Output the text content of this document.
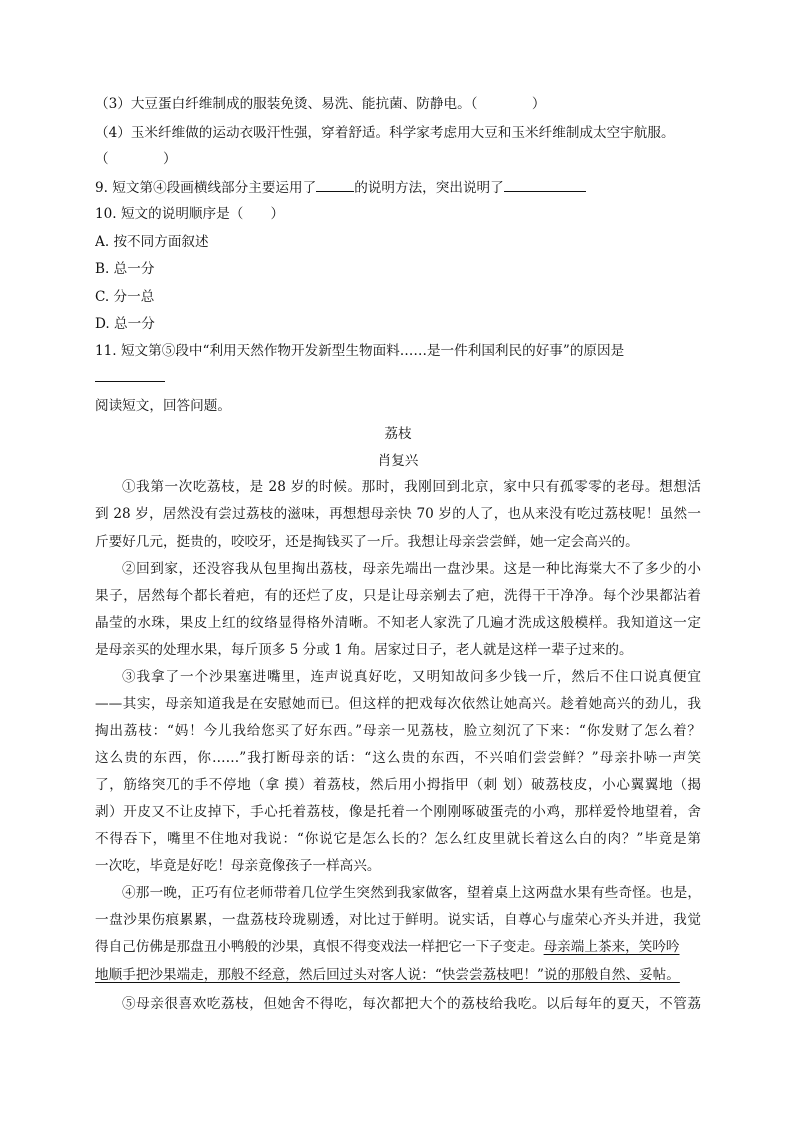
（3）大豆蛋白纤维制成的服装免烫、易洗、能抗菌、防静电。（　　　　）
（4）玉米纤维做的运动衣吸汗性强，穿着舒适。科学家考虑用大豆和玉米纤维制成太空宇航服。
（　　　　）
9. 短文第④段画横线部分主要运用了	的说明方法，突出说明了
10. 短文的说明顺序是（　　）
A. 按不同方面叙述
B. 总一分
C. 分一总
D. 总一分
11. 短文第⑤段中“利用天然作物开发新型生物面料……是一件利国利民的好事”的原因是
阅读短文，回答问题。
荔枝
肖复兴
①我第一次吃荔枝，是 28 岁的时候。那时，我刚回到北京，家中只有孤零零的老母。想想活
到 28 岁，居然没有尝过荔枝的滋味，再想想母亲快 70 岁的人了，也从来没有吃过荔枝呢！虽然一
斤要好几元，挺贵的，咬咬牙，还是掏钱买了一斤。我想让母亲尝尝鲜，她一定会高兴的。
②回到家，还没容我从包里掏出荔枝，母亲先端出一盘沙果。这是一种比海棠大不了多少的小
果子，居然每个都长着疤，有的还烂了皮，只是让母亲剜去了疤，洗得干干净净。每个沙果都沾着
晶莹的水珠，果皮上红的纹络显得格外清晰。不知老人家洗了几遍才洗成这般模样。我知道这一定
是母亲买的处理水果，每斤顶多 5 分或 1 角。居家过日子，老人就是这样一辈子过来的。
③我拿了一个沙果塞进嘴里，连声说真好吃，又明知故问多少钱一斤，然后不住口说真便宜
——其实，母亲知道我是在安慰她而已。但这样的把戏每次依然让她高兴。趁着她高兴的劲儿，我
掏出荔枝：“妈！今儿我给您买了好东西。”母亲一见荔枝，脸立刻沉了下来：“你发财了怎么着？
这么贵的东西，你……”我打断母亲的话：“这么贵的东西，不兴咱们尝尝鲜？”母亲扑哧一声笑
了，筋络突兀的手不停地（拿 摸）着荔枝，然后用小拇指甲（刺 划）破荔枝皮，小心翼翼地（揭
剥）开皮又不让皮掉下，手心托着荔枝，像是托着一个刚刚啄破蛋壳的小鸡，那样爱怜地望着，舍
不得吞下，嘴里不住地对我说：“你说它是怎么长的？怎么红皮里就长着这么白的肉？”毕竟是第
一次吃，毕竟是好吃！母亲竟像孩子一样高兴。
④那一晚，正巧有位老师带着几位学生突然到我家做客，望着桌上这两盘水果有些奇怪。也是，
一盘沙果伤痕累累，一盘荔枝玲珑剔透，对比过于鲜明。说实话，自尊心与虚荣心齐头并进，我觉
得自己仿佛是那盘丑小鸭般的沙果，真恨不得变戏法一样把它一下子变走。母亲端上茶来，笑吟吟
地顺手把沙果端走，那般不经意，然后回过头对客人说：“快尝尝荔枝吧！”说的那般自然、妥帖。
⑤母亲很喜欢吃荔枝，但她舍不得吃，每次都把大个的荔枝给我吃。以后每年的夏天，不管荔
